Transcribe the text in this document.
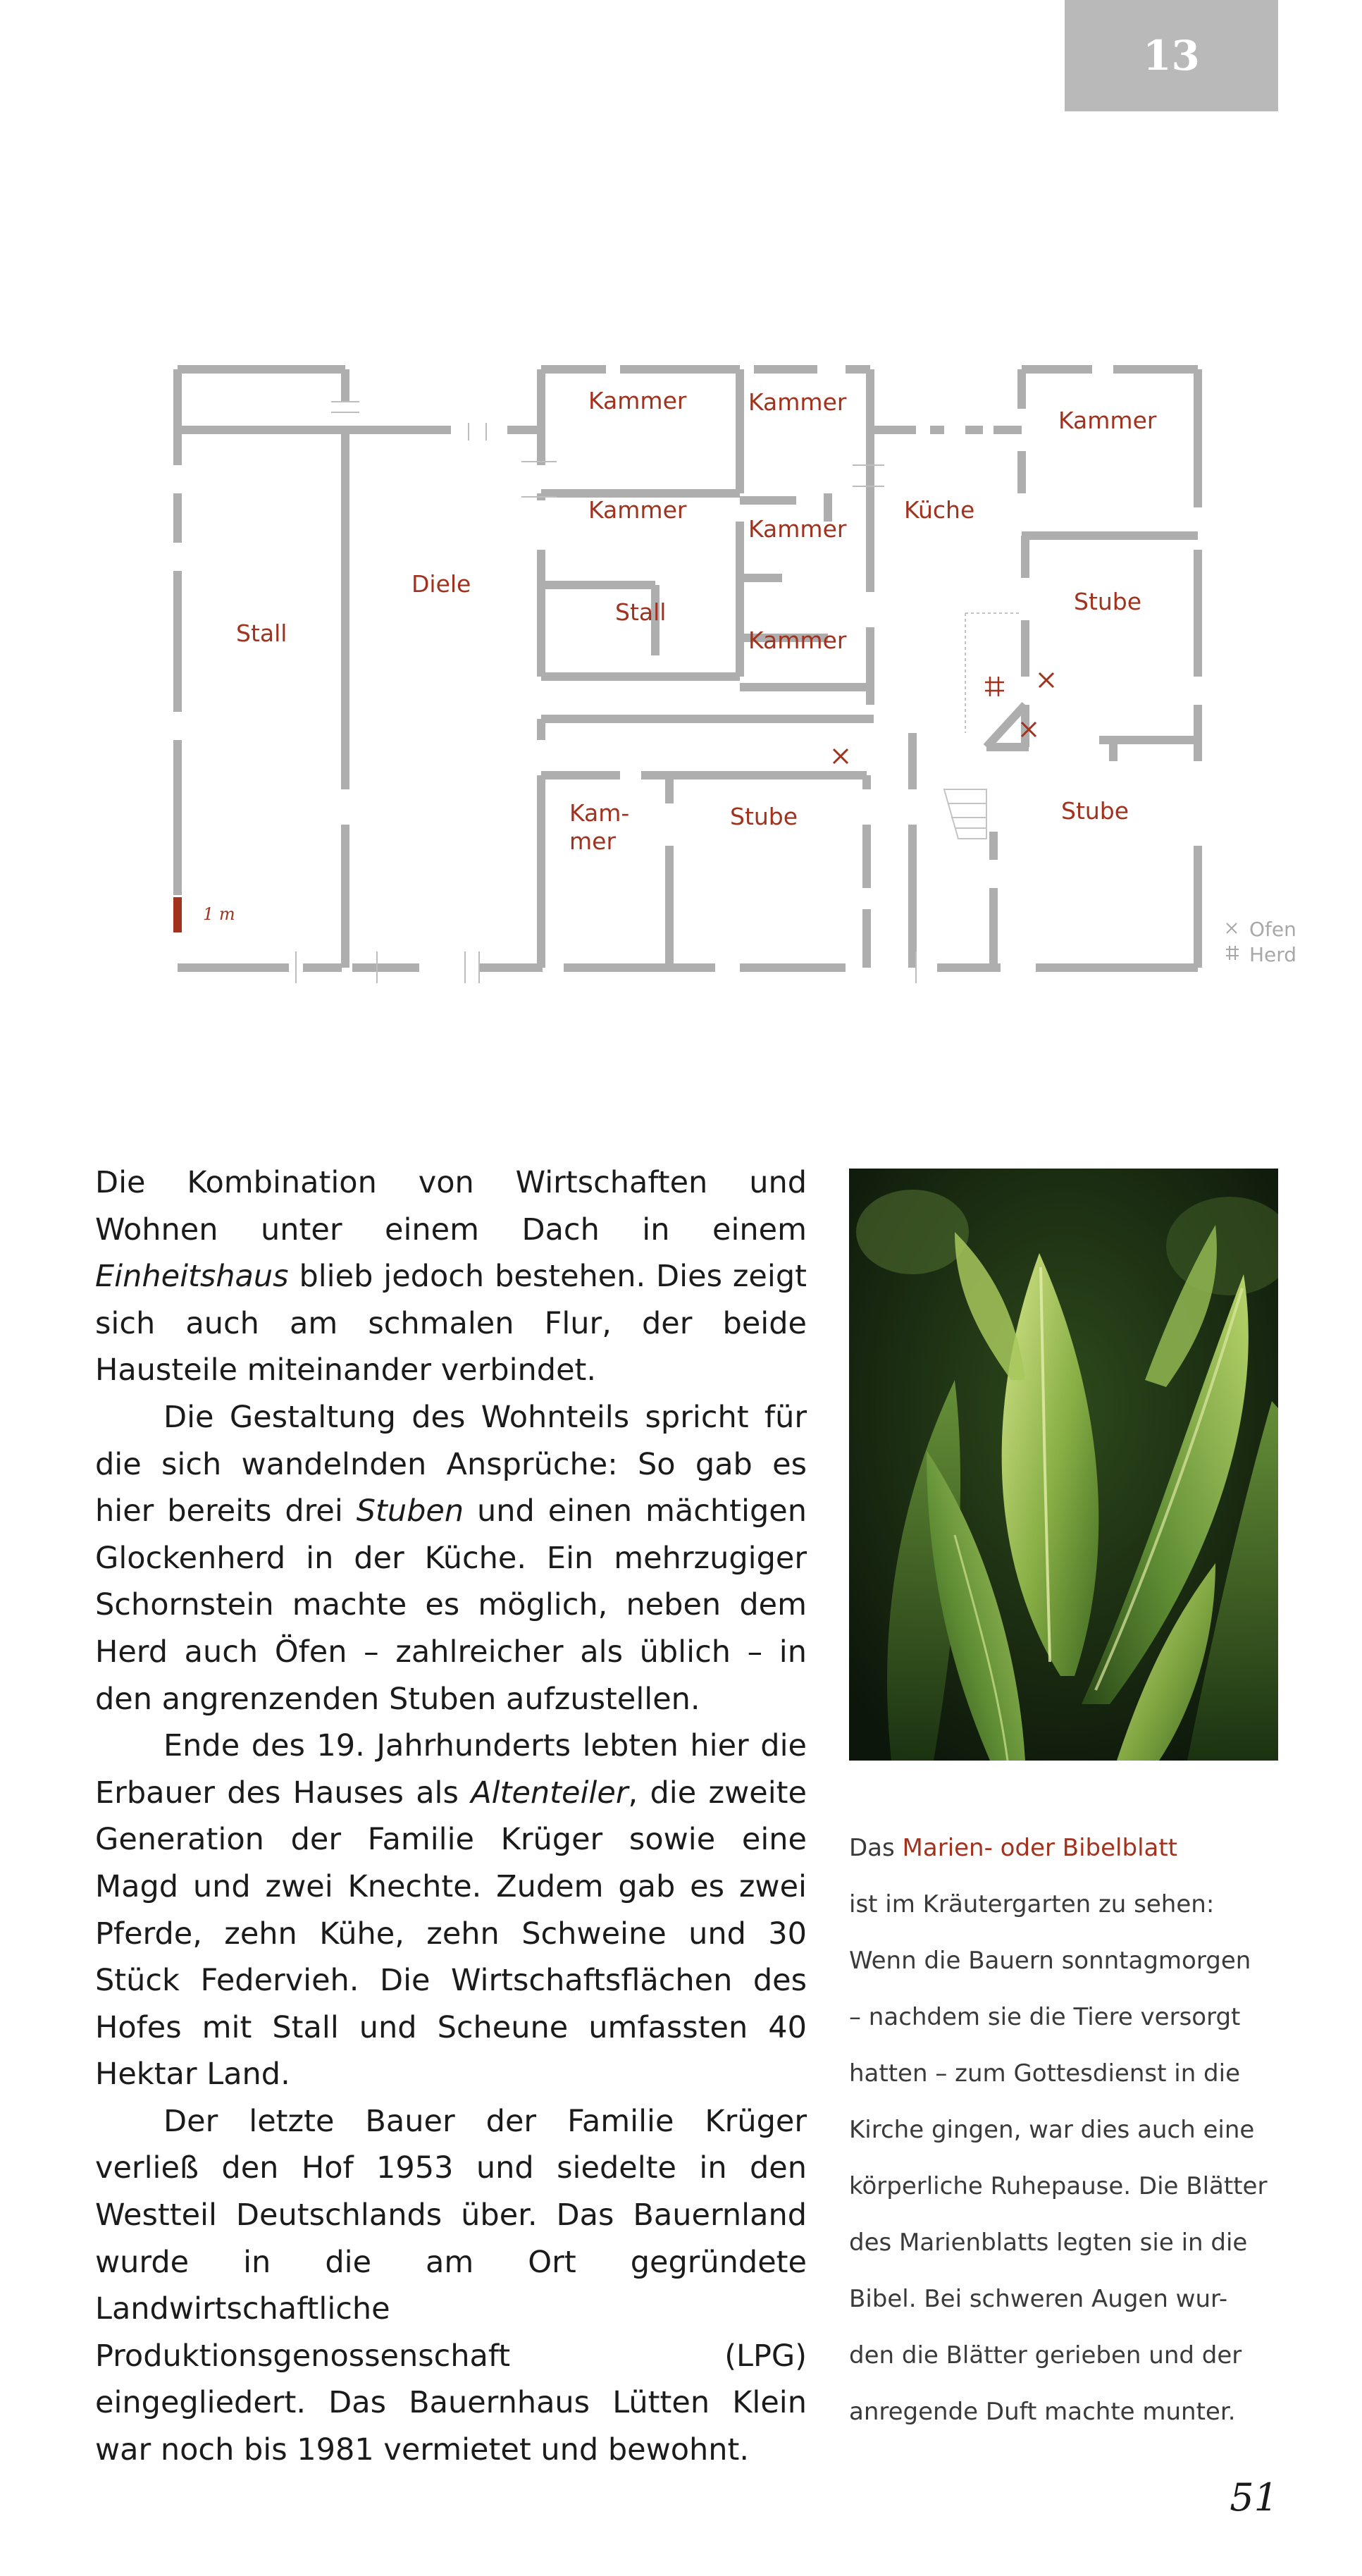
13
1 m
Stall
Diele
Kammer	Kammer
Kammer
Kammer
Kammer
Küche
Stall	Stube
Kammer
Kam-
mer
Stube	Stube
Ofen
Herd

Die Kombination von Wirtschaften und Wohnen unter einem Dach in einem Einheitshaus blieb jedoch bestehen. Dies zeigt sich auch am schmalen Flur, der beide Hausteile miteinander verbindet.

Die Gestaltung des Wohnteils spricht für die sich wandelnden Ansprüche: So gab es hier bereits drei Stuben und einen mächtigen Glockenherd in der Küche. Ein mehrzugiger Schornstein machte es möglich, neben dem Herd auch Öfen – zahlreicher als üblich – in den angrenzenden Stuben aufzustellen.

Ende des 19. Jahrhunderts lebten hier die Erbauer des Hauses als Altenteiler, die zweite Generation der Familie Krüger sowie eine Magd und zwei Knechte. Zudem gab es zwei Pferde, zehn Kühe, zehn Schweine und 30 Stück Federvieh. Die Wirtschaftsflächen des Hofes mit Stall und Scheune umfassten 40 Hektar Land.

Der letzte Bauer der Familie Krüger verließ den Hof 1953 und siedelte in den Westteil Deutschlands über. Das Bauernland wurde in die am Ort gegründete Landwirtschaftliche Produktionsgenossenschaft (LPG) eingegliedert. Das Bauernhaus Lütten Klein war noch bis 1981 vermietet und bewohnt.

Das Marien- oder Bibelblatt
ist im Kräutergarten zu sehen:
Wenn die Bauern sonntagmorgen
– nachdem sie die Tiere versorgt
hatten – zum Gottesdienst in die
Kirche gingen, war dies auch eine
körperliche Ruhepause. Die Blätter
des Marienblatts legten sie in die
Bibel. Bei schweren Augen wur-
den die Blätter gerieben und der
anregende Duft machte munter.
51
